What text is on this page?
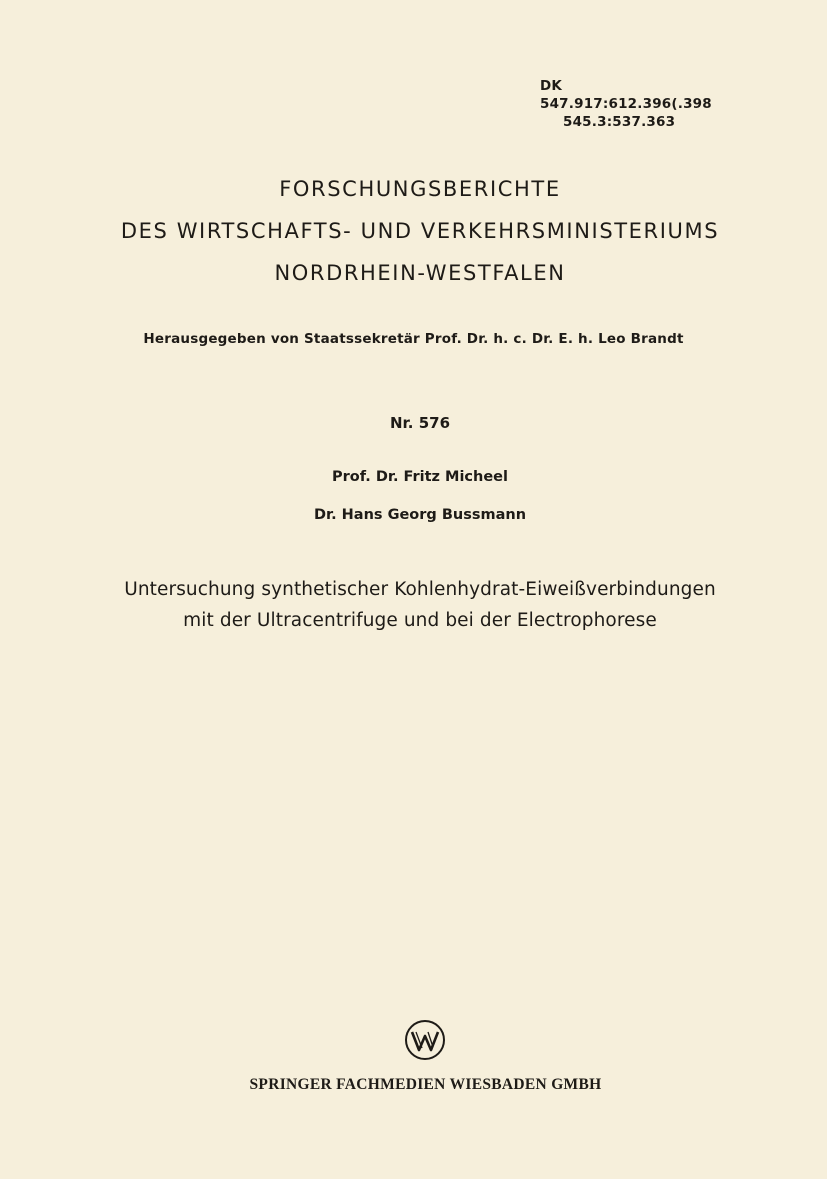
DK 547.917:612.396(.398
545.3:537.363
FORSCHUNGSBERICHTE
DES WIRTSCHAFTS- UND VERKEHRSMINISTERIUMS
NORDRHEIN-WESTFALEN
Herausgegeben von Staatssekretär Prof. Dr. h. c. Dr. E. h. Leo Brandt
Nr. 576
Prof. Dr. Fritz Micheel
Dr. Hans Georg Bussmann
Untersuchung synthetischer Kohlenhydrat-Eiweißverbindungen
mit der Ultracentrifuge und bei der Electrophorese
SPRINGER FACHMEDIEN WIESBADEN GMBH
